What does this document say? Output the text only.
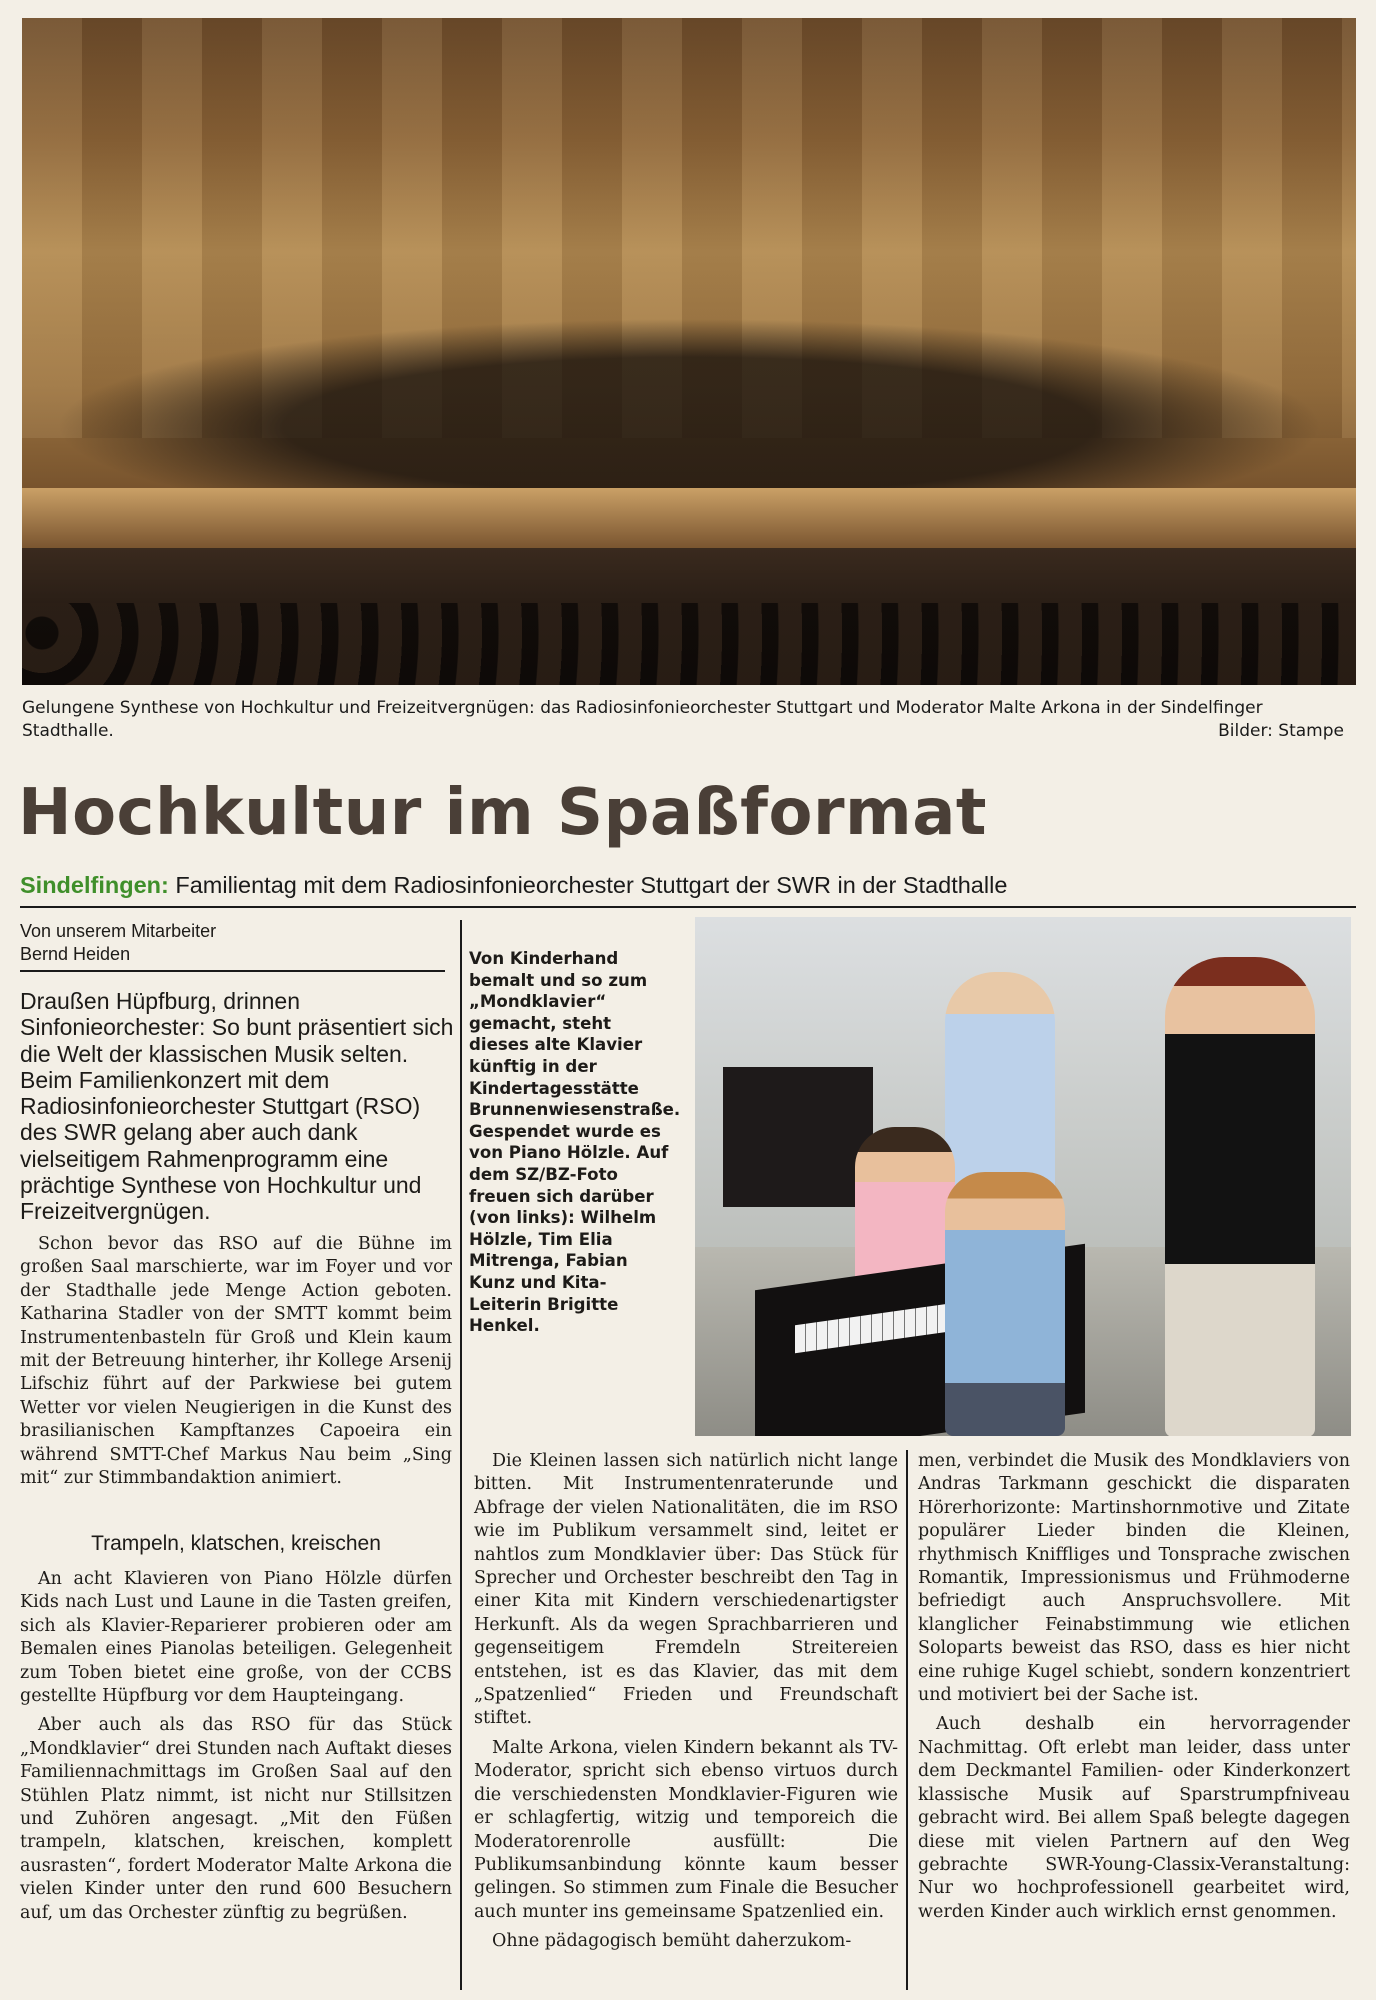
Gelungene Synthese von Hochkultur und Freizeitvergnügen: das Radiosinfonieorchester Stuttgart und Moderator Malte Arkona in der Sindelfinger Stadthalle.	Bilder: Stampe
Hochkultur im Spaßformat
Sindelfingen: Familientag mit dem Radiosinfonieorchester Stuttgart der SWR in der Stadthalle
Von unserem Mitarbeiter
Bernd Heiden
Draußen Hüpfburg, drinnen Sinfonieorchester: So bunt präsentiert sich die Welt der klassischen Musik selten. Beim Familienkonzert mit dem Radiosinfonieorchester Stuttgart (RSO) des SWR gelang aber auch dank vielseitigem Rahmenprogramm eine prächtige Synthese von Hochkultur und Freizeitvergnügen.

Schon bevor das RSO auf die Bühne im großen Saal marschierte, war im Foyer und vor der Stadthalle jede Menge Action geboten. Katharina Stadler von der SMTT kommt beim Instrumentenbasteln für Groß und Klein kaum mit der Betreuung hinterher, ihr Kollege Arsenij Lifschiz führt auf der Parkwiese bei gutem Wetter vor vielen Neugierigen in die Kunst des brasilianischen Kampftanzes Capoeira ein während SMTT-Chef Markus Nau beim „Sing mit“ zur Stimmbandaktion animiert.

Trampeln, klatschen, kreischen

An acht Klavieren von Piano Hölzle dürfen Kids nach Lust und Laune in die Tasten greifen, sich als Klavier-Reparierer probieren oder am Bemalen eines Pianolas beteiligen. Gelegenheit zum Toben bietet eine große, von der CCBS gestellte Hüpfburg vor dem Haupteingang.

Aber auch als das RSO für das Stück „Mondklavier“ drei Stunden nach Auftakt dieses Familiennachmittags im Großen Saal auf den Stühlen Platz nimmt, ist nicht nur Stillsitzen und Zuhören angesagt. „Mit den Füßen trampeln, klatschen, kreischen, komplett ausrasten“, fordert Moderator Malte Arkona die vielen Kinder unter den rund 600 Besuchern auf, um das Orchester zünftig zu begrüßen.

Von Kinderhand bemalt und so zum „Mondklavier“ gemacht, steht dieses alte Klavier künftig in der Kindertagesstätte Brunnenwiesenstraße. Gespendet wurde es von Piano Hölzle. Auf dem SZ/BZ-Foto freuen sich darüber (von links): Wilhelm Hölzle, Tim Elia Mitrenga, Fabian Kunz und Kita-Leiterin Brigitte Henkel.

Die Kleinen lassen sich natürlich nicht lange bitten. Mit Instrumentenraterunde und Abfrage der vielen Nationalitäten, die im RSO wie im Publikum versammelt sind, leitet er nahtlos zum Mondklavier über: Das Stück für Sprecher und Orchester beschreibt den Tag in einer Kita mit Kindern verschiedenartigster Herkunft. Als da wegen Sprachbarrieren und gegenseitigem Fremdeln Streitereien entstehen, ist es das Klavier, das mit dem „Spatzenlied“ Frieden und Freundschaft stiftet.

Malte Arkona, vielen Kindern bekannt als TV-Moderator, spricht sich ebenso virtuos durch die verschiedensten Mondklavier-Figuren wie er schlagfertig, witzig und temporeich die Moderatorenrolle ausfüllt: Die Publikumsanbindung könnte kaum besser gelingen. So stimmen zum Finale die Besucher auch munter ins gemeinsame Spatzenlied ein.

Ohne pädagogisch bemüht daherzukom-

men, verbindet die Musik des Mondklaviers von Andras Tarkmann geschickt die disparaten Hörerhorizonte: Martinshornmotive und Zitate populärer Lieder binden die Kleinen, rhythmisch Kniffliges und Tonsprache zwischen Romantik, Impressionismus und Frühmoderne befriedigt auch Anspruchsvollere. Mit klanglicher Feinabstimmung wie etlichen Soloparts beweist das RSO, dass es hier nicht eine ruhige Kugel schiebt, sondern konzentriert und motiviert bei der Sache ist.

Auch deshalb ein hervorragender Nachmittag. Oft erlebt man leider, dass unter dem Deckmantel Familien- oder Kinderkonzert klassische Musik auf Sparstrumpfniveau gebracht wird. Bei allem Spaß belegte dagegen diese mit vielen Partnern auf den Weg gebrachte SWR-Young-Classix-Veranstaltung: Nur wo hochprofessionell gearbeitet wird, werden Kinder auch wirklich ernst genommen.
